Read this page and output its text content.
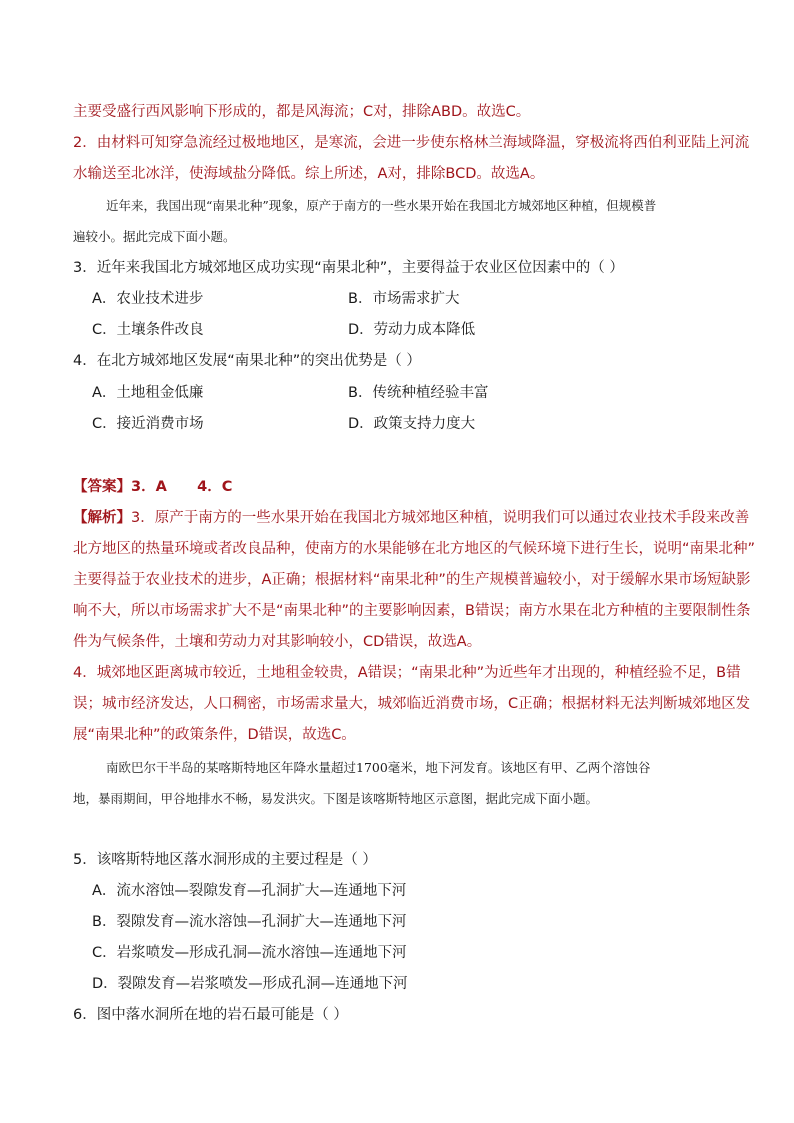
主要受盛行西风影响下形成的，都是风海流；C对，排除ABD。故选C。
2．由材料可知穿急流经过极地地区，是寒流，会进一步使东格林兰海域降温，穿极流将西伯利亚陆上河流
水输送至北冰洋，使海域盐分降低。综上所述，A对，排除BCD。故选A。
近年来，我国出现“南果北种”现象，原产于南方的一些水果开始在我国北方城郊地区种植，但规模普
遍较小。据此完成下面小题。
3．近年来我国北方城郊地区成功实现“南果北种”，主要得益于农业区位因素中的（ ）
A．农业技术进步	B．市场需求扩大
C．土壤条件改良	D．劳动力成本降低
4．在北方城郊地区发展“南果北种”的突出优势是（ ）
A．土地租金低廉	B．传统种植经验丰富
C．接近消费市场	D．政策支持力度大
【答案】3．A      4．C
【解析】3．原产于南方的一些水果开始在我国北方城郊地区种植，说明我们可以通过农业技术手段来改善
北方地区的热量环境或者改良品种，使南方的水果能够在北方地区的气候环境下进行生长，说明“南果北种”
主要得益于农业技术的进步，A正确；根据材料“南果北种”的生产规模普遍较小，对于缓解水果市场短缺影
响不大，所以市场需求扩大不是“南果北种”的主要影响因素，B错误；南方水果在北方种植的主要限制性条
件为气候条件，土壤和劳动力对其影响较小，CD错误，故选A。
4．城郊地区距离城市较近，土地租金较贵，A错误；“南果北种”为近些年才出现的，种植经验不足，B错
误；城市经济发达，人口稠密，市场需求量大，城郊临近消费市场，C正确；根据材料无法判断城郊地区发
展“南果北种”的政策条件，D错误，故选C。
南欧巴尔干半岛的某喀斯特地区年降水量超过1700毫米，地下河发育。该地区有甲、乙两个溶蚀谷
地，暴雨期间，甲谷地排水不畅，易发洪灾。下图是该喀斯特地区示意图，据此完成下面小题。
5．该喀斯特地区落水洞形成的主要过程是（ ）
A．流水溶蚀—裂隙发育—孔洞扩大—连通地下河
B．裂隙发育—流水溶蚀—孔洞扩大—连通地下河
C．岩浆喷发—形成孔洞—流水溶蚀—连通地下河
D．裂隙发育—岩浆喷发—形成孔洞—连通地下河
6．图中落水洞所在地的岩石最可能是（ ）
